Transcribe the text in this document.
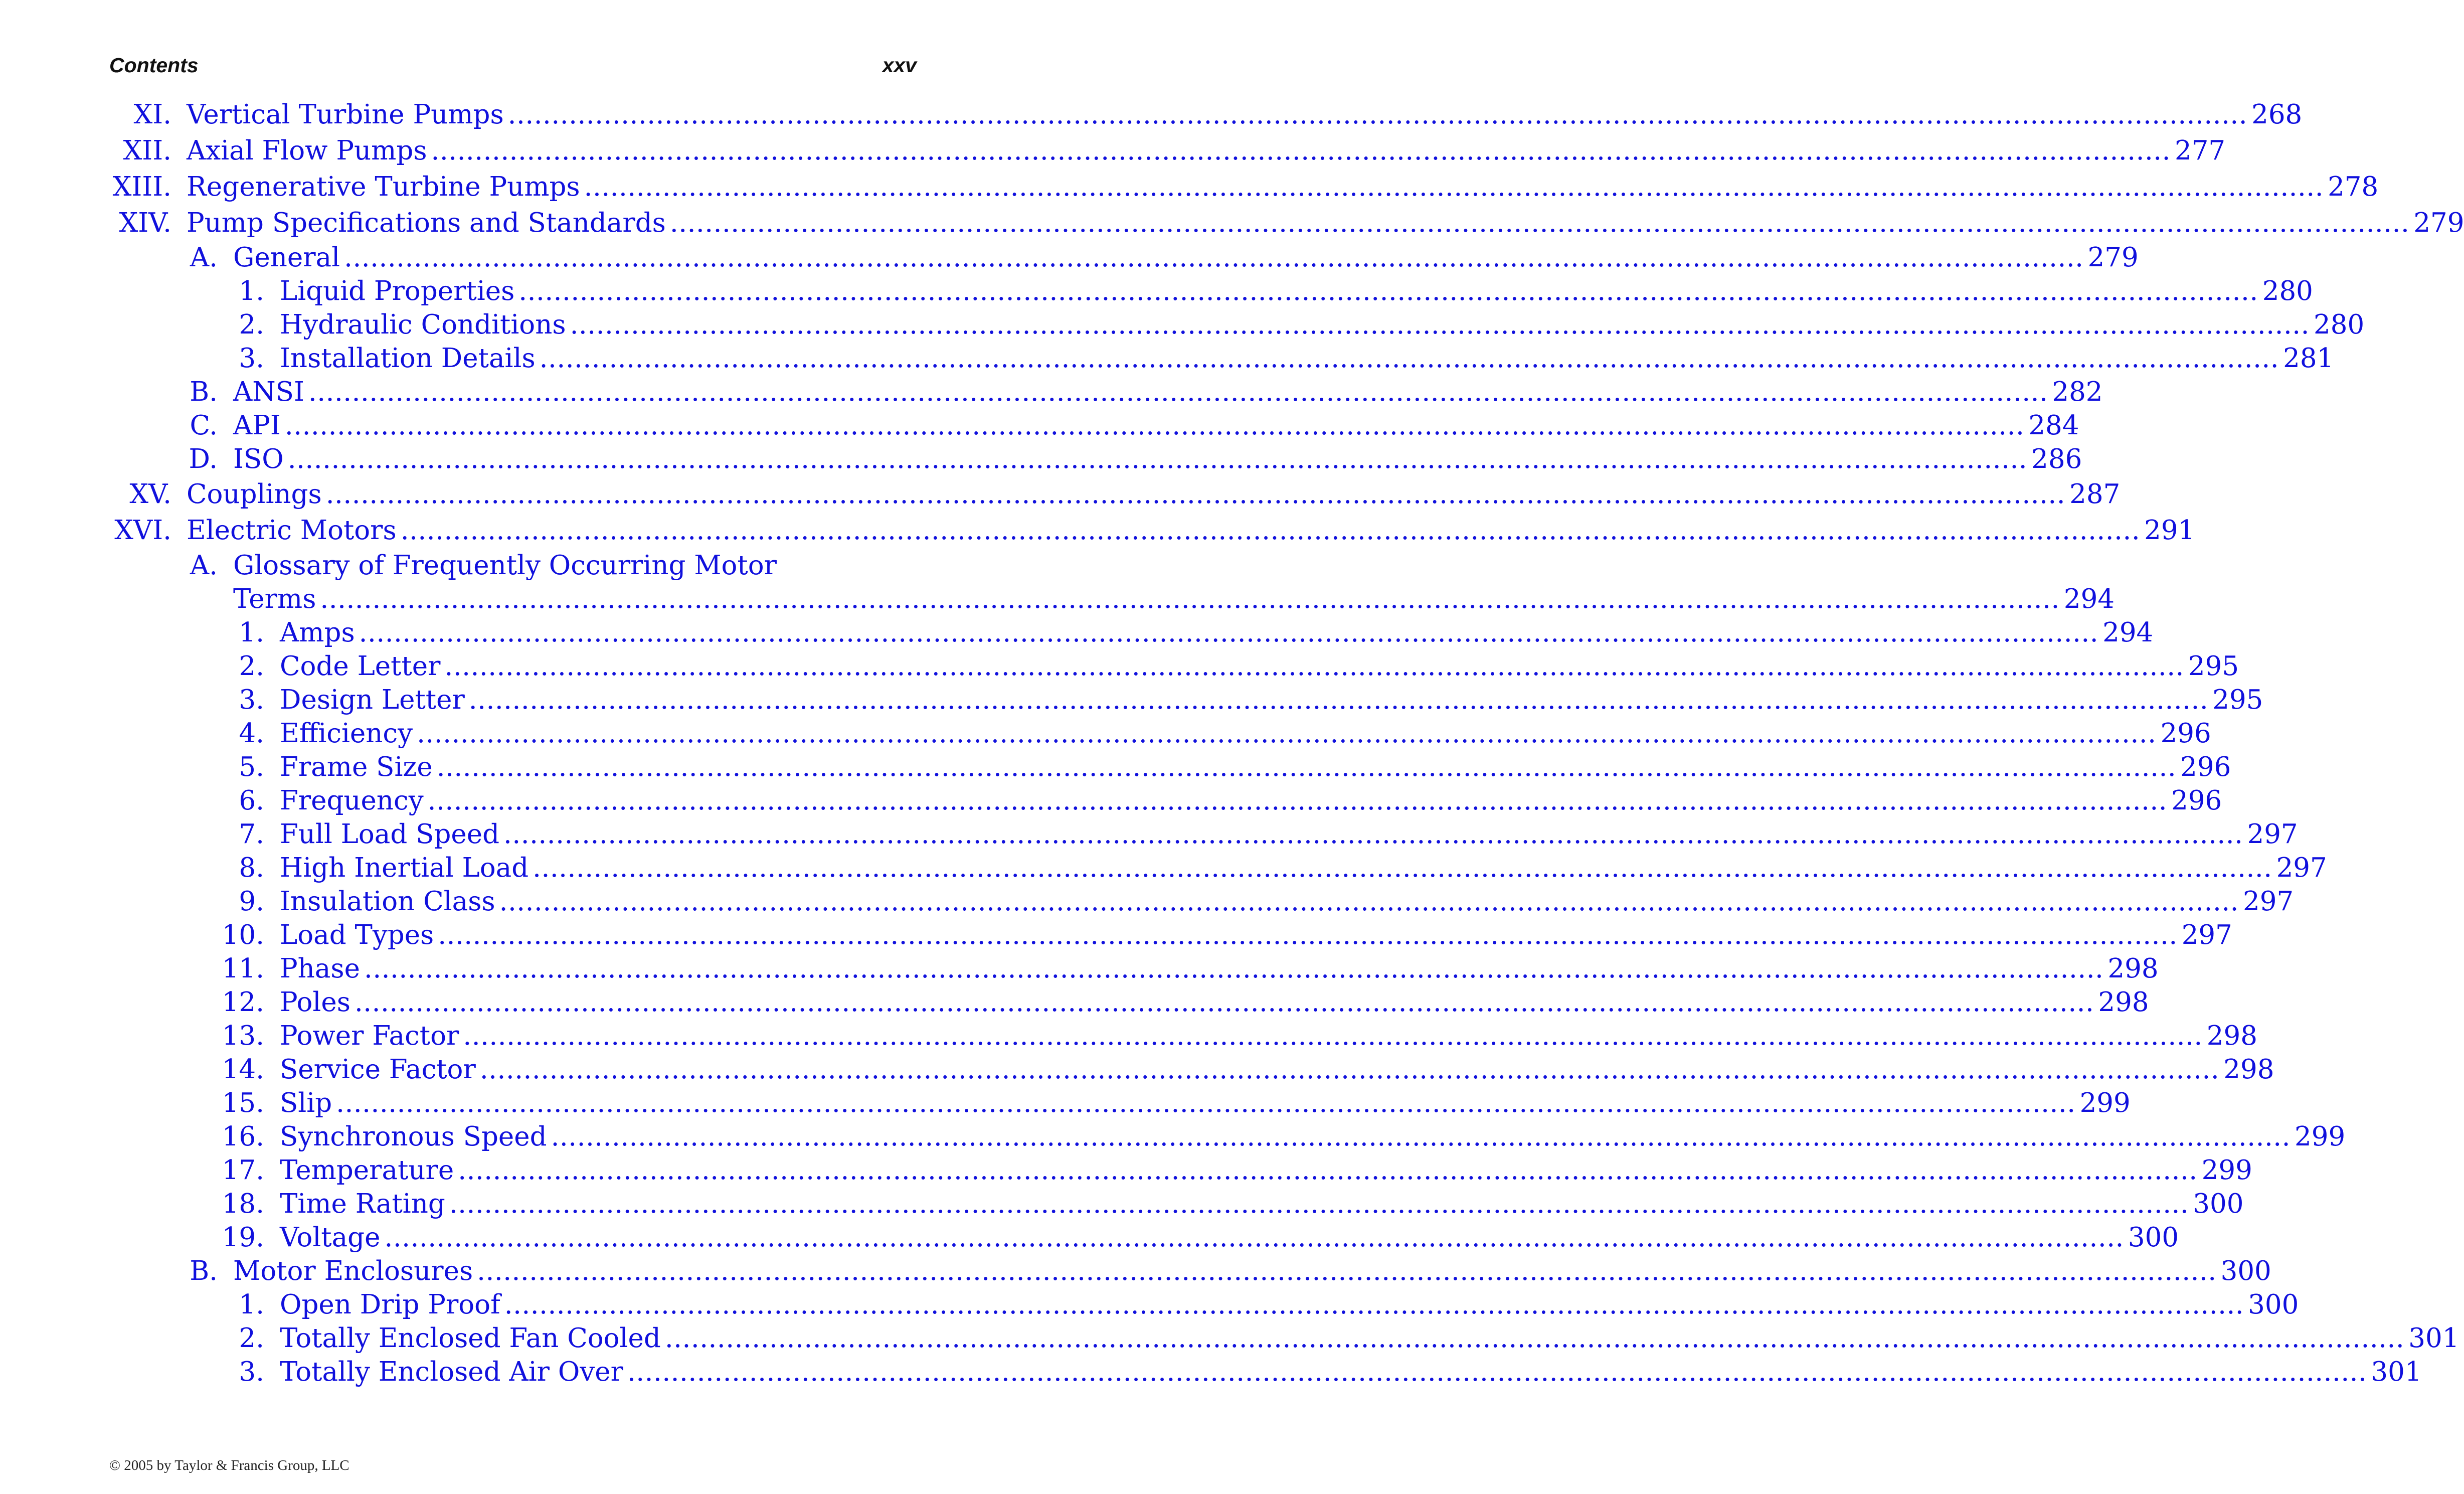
Contents	xxv
XI. Vertical Turbine Pumps ........................................................................................................................................................................................................ 268
XII. Axial Flow Pumps ........................................................................................................................................................................................................ 277
XIII. Regenerative Turbine Pumps ........................................................................................................................................................................................................ 278
XIV. Pump Specifications and Standards ........................................................................................................................................................................................................ 279
A. General ........................................................................................................................................................................................................ 279
1. Liquid Properties ........................................................................................................................................................................................................ 280
2. Hydraulic Conditions ........................................................................................................................................................................................................ 280
3. Installation Details ........................................................................................................................................................................................................ 281
B. ANSI ........................................................................................................................................................................................................ 282
C. API ........................................................................................................................................................................................................ 284
D. ISO ........................................................................................................................................................................................................ 286
XV. Couplings ........................................................................................................................................................................................................ 287
XVI. Electric Motors ........................................................................................................................................................................................................ 291
A. Glossary of Frequently Occurring Motor
Terms ........................................................................................................................................................................................................ 294
1. Amps ........................................................................................................................................................................................................ 294
2. Code Letter ........................................................................................................................................................................................................ 295
3. Design Letter ........................................................................................................................................................................................................ 295
4. Efficiency ........................................................................................................................................................................................................ 296
5. Frame Size ........................................................................................................................................................................................................ 296
6. Frequency ........................................................................................................................................................................................................ 296
7. Full Load Speed ........................................................................................................................................................................................................ 297
8. High Inertial Load ........................................................................................................................................................................................................ 297
9. Insulation Class ........................................................................................................................................................................................................ 297
10. Load Types ........................................................................................................................................................................................................ 297
11. Phase ........................................................................................................................................................................................................ 298
12. Poles ........................................................................................................................................................................................................ 298
13. Power Factor ........................................................................................................................................................................................................ 298
14. Service Factor ........................................................................................................................................................................................................ 298
15. Slip ........................................................................................................................................................................................................ 299
16. Synchronous Speed ........................................................................................................................................................................................................ 299
17. Temperature ........................................................................................................................................................................................................ 299
18. Time Rating ........................................................................................................................................................................................................ 300
19. Voltage ........................................................................................................................................................................................................ 300
B. Motor Enclosures ........................................................................................................................................................................................................ 300
1. Open Drip Proof ........................................................................................................................................................................................................ 300
2. Totally Enclosed Fan Cooled ........................................................................................................................................................................................................ 301
3. Totally Enclosed Air Over ........................................................................................................................................................................................................ 301
© 2005 by Taylor & Francis Group, LLC
